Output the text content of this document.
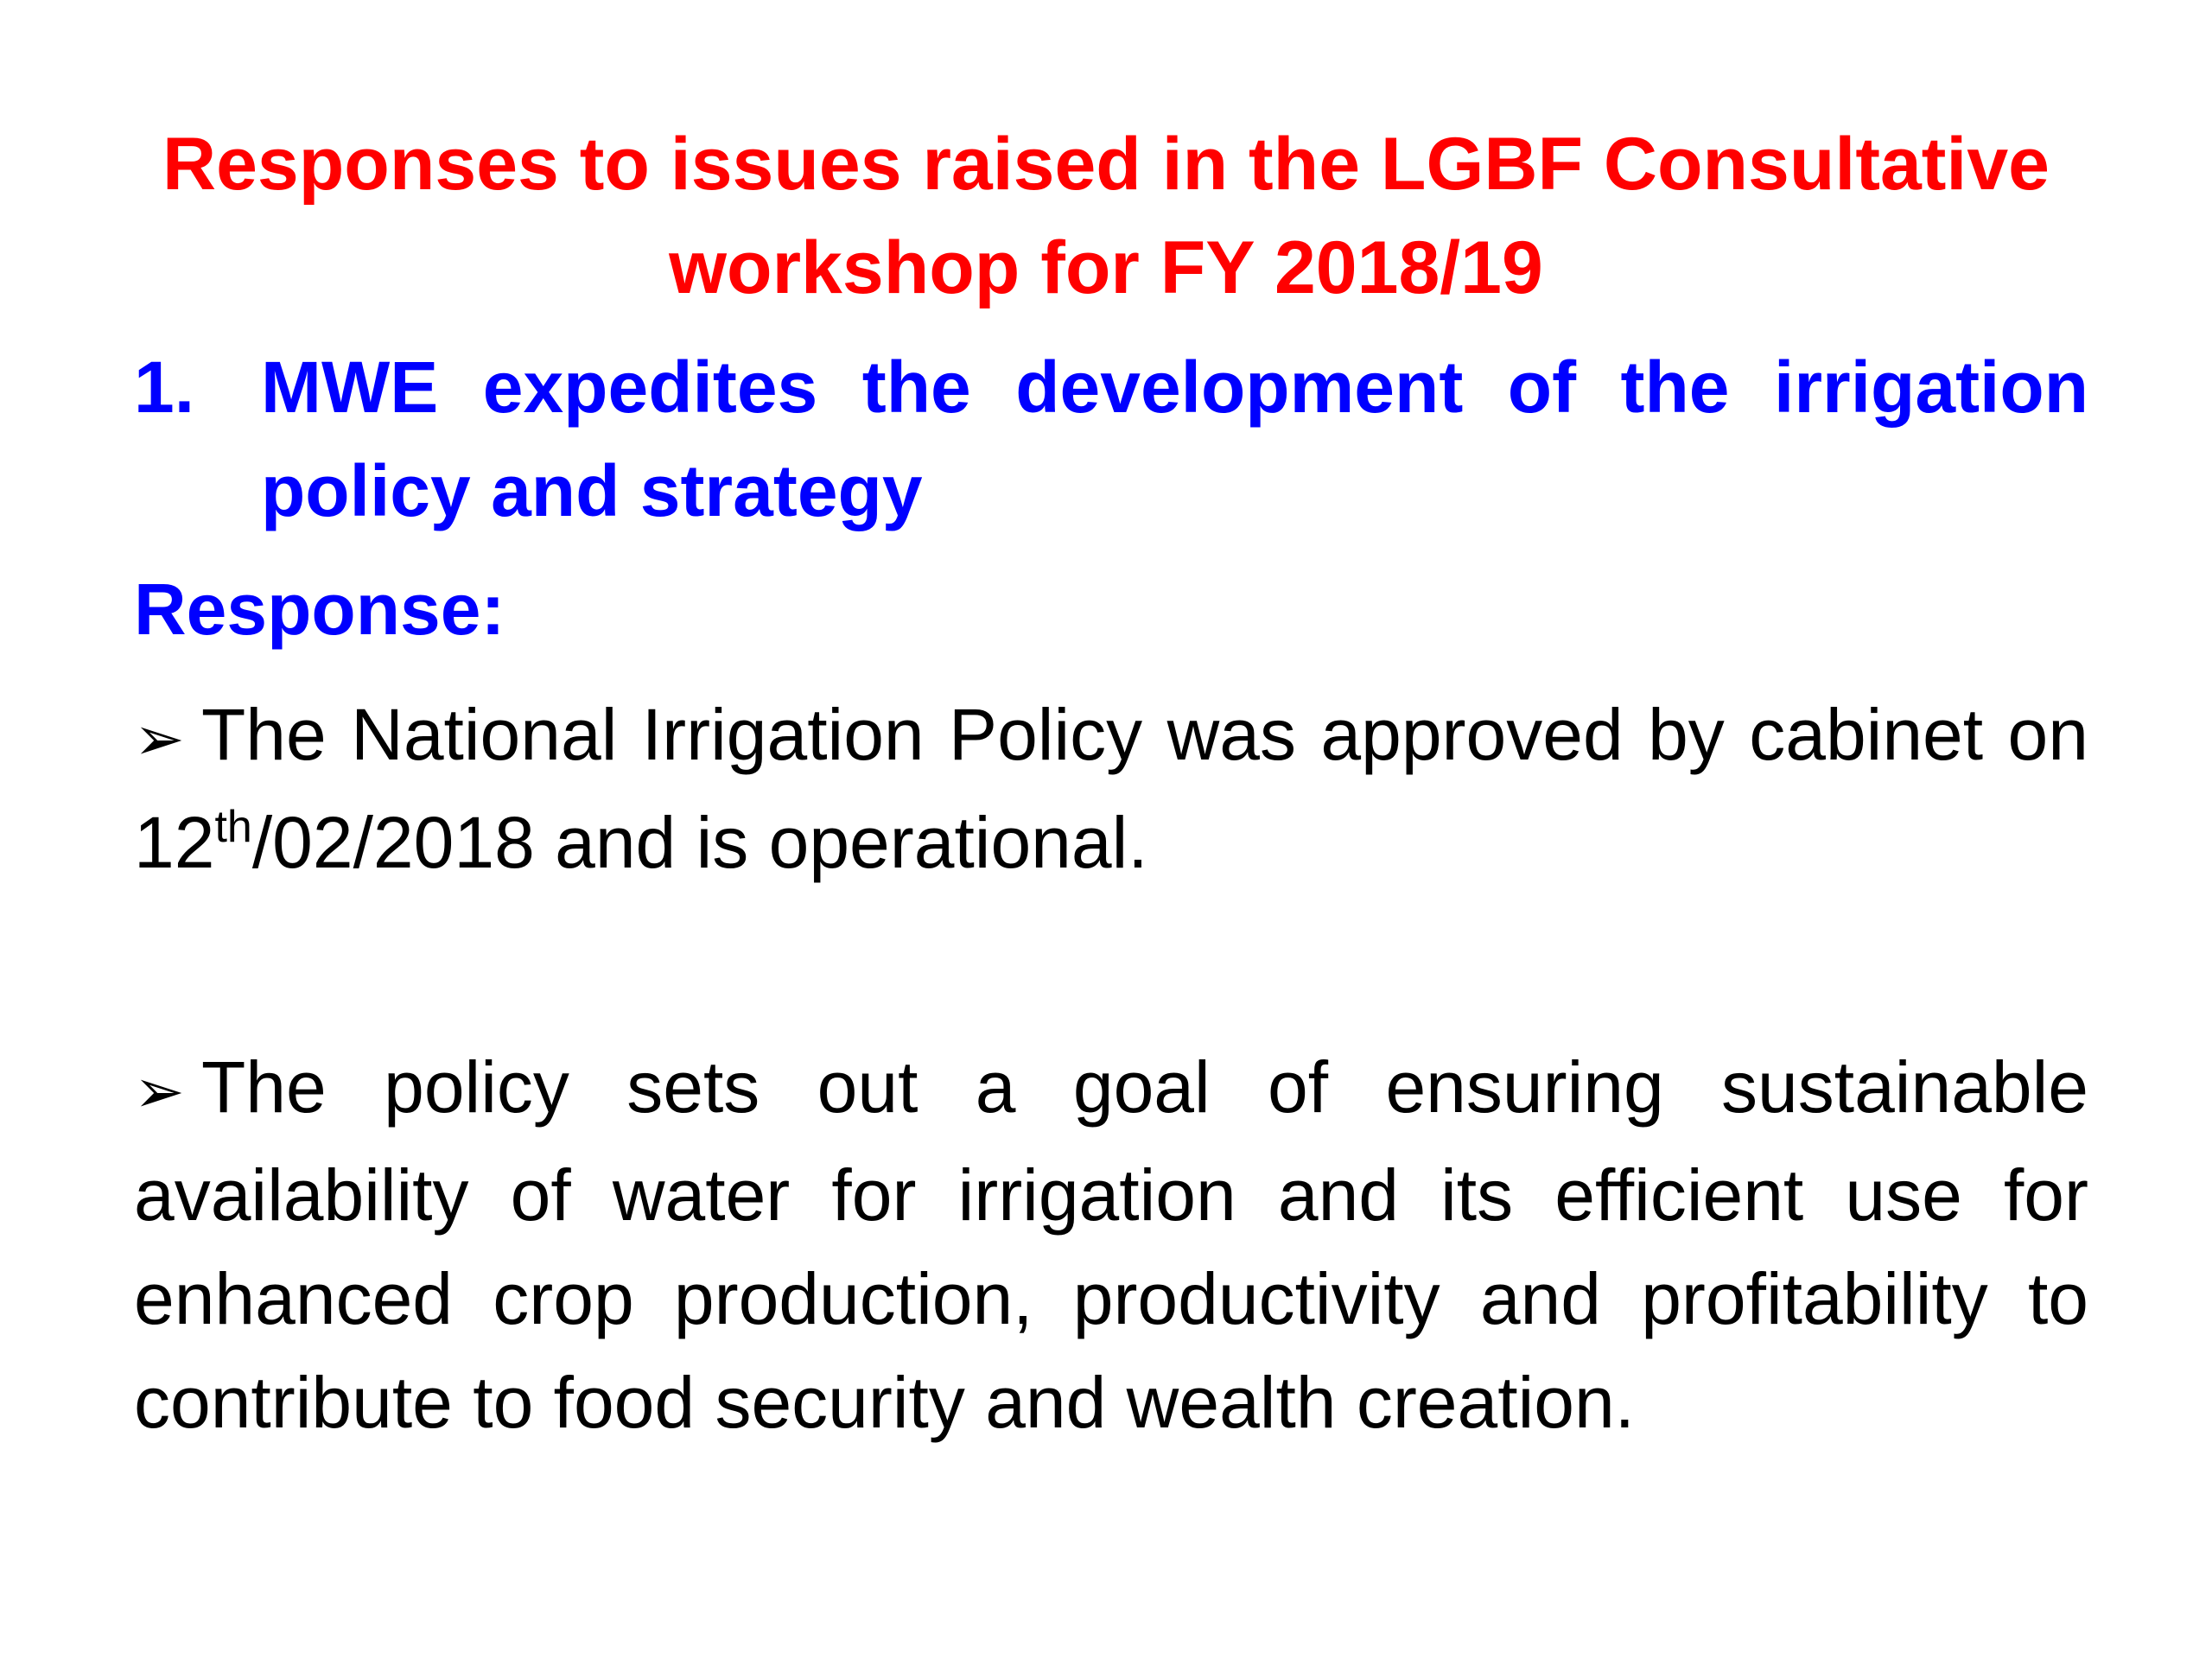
Responses to issues raised in the LGBF Consultative workshop for FY 2018/19
1. MWE expedites the development of the irrigation policy and strategy
Response:
➢ The National Irrigation Policy was approved by cabinet on 12th/02/2018 and is operational.
➢ The policy sets out a goal of ensuring sustainable availability of water for irrigation and its efficient use for enhanced crop production, productivity and profitability to contribute to food security and wealth creation.
